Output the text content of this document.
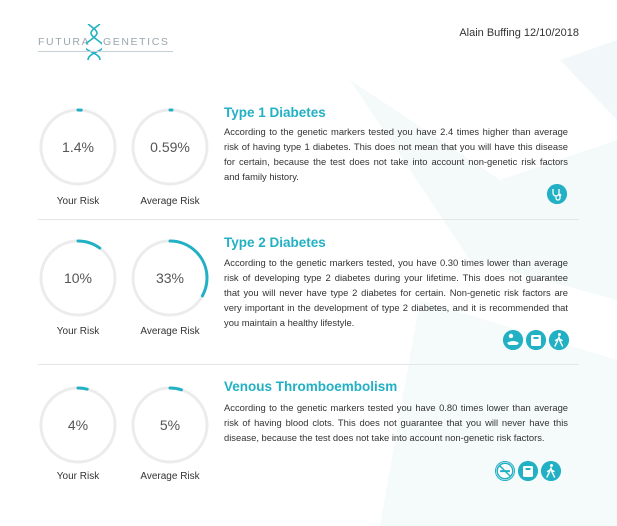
FUTURA GENETICS
Alain Buffing 12/10/2018
1.4%
Your Risk
0.59%
Average Risk
Type 1 Diabetes
According to the genetic markers tested you have 2.4 times higher than average risk of having type 1 diabetes. This does not mean that you will have this disease for certain, because the test does not take into account non-genetic risk factors and family history.
10%
Your Risk
33%
Average Risk
Type 2 Diabetes
According to the genetic markers tested, you have 0.30 times lower than average risk of developing type 2 diabetes during your lifetime. This does not guarantee that you will never have type 2 diabetes for certain. Non-genetic risk factors are very important in the development of type 2 diabetes, and it is recommended that you maintain a healthy lifestyle.
4%
Your Risk
5%
Average Risk
Venous Thromboembolism
According to the genetic markers tested you have 0.80 times lower than average risk of having blood clots. This does not guarantee that you will never have this disease, because the test does not take into account non-genetic risk factors.
